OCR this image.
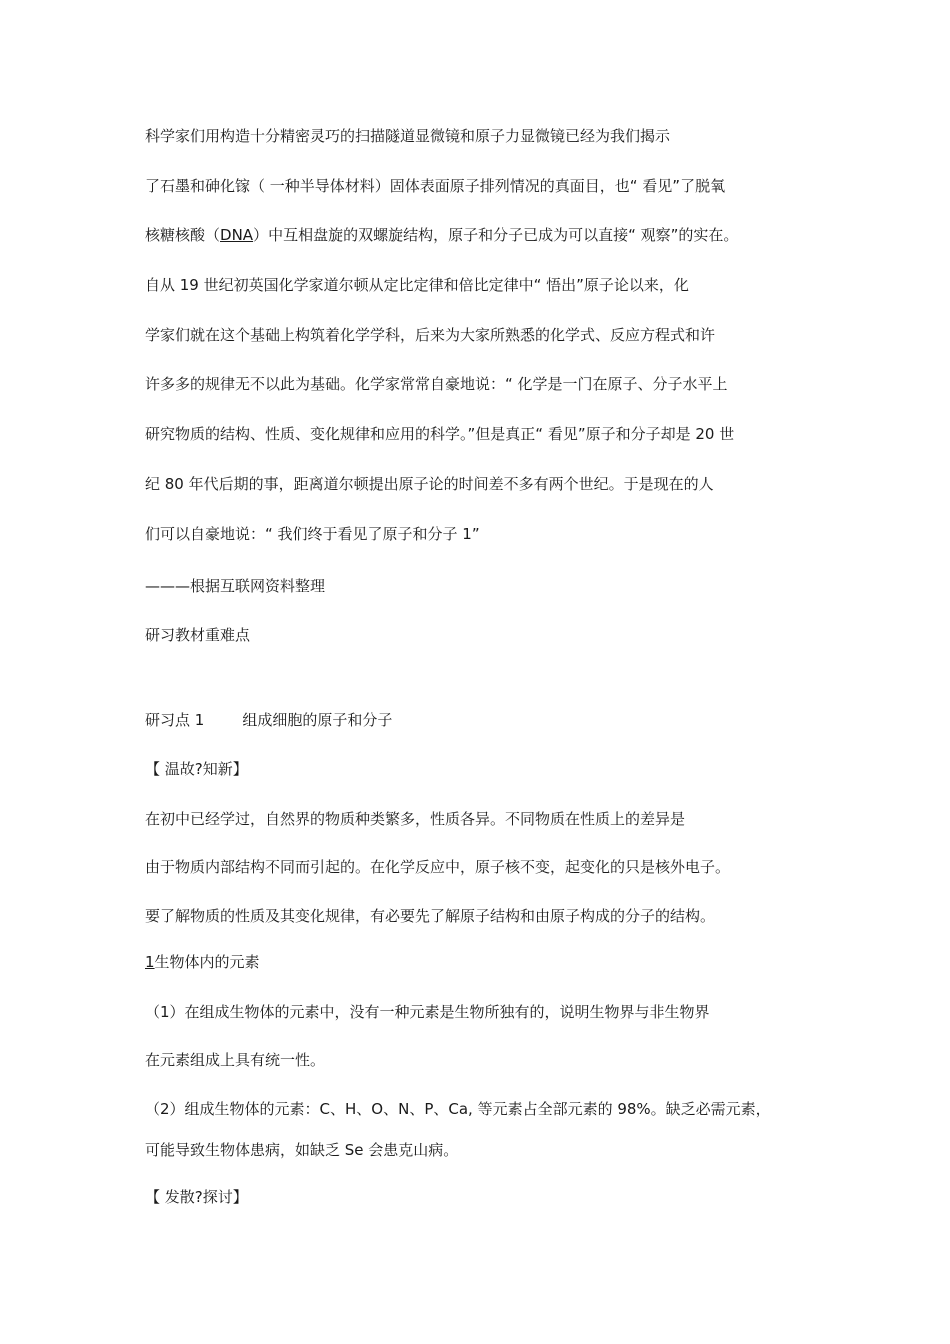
科学家们用构造十分精密灵巧的扫描隧道显微镜和原子力显微镜已经为我们揭示
了石墨和砷化镓（ 一种半导体材料）固体表面原子排列情况的真面目，也“ 看见”了脱氧
核糖核酸（DNA）中互相盘旋的双螺旋结构，原子和分子已成为可以直接“ 观察”的实在。
自从 19 世纪初英国化学家道尔顿从定比定律和倍比定律中“ 悟出”原子论以来，化
学家们就在这个基础上构筑着化学学科，后来为大家所熟悉的化学式、反应方程式和许
许多多的规律无不以此为基础。化学家常常自豪地说：“ 化学是一门在原子、分子水平上
研究物质的结构、性质、变化规律和应用的科学。”但是真正“ 看见”原子和分子却是 20 世
纪 80 年代后期的事，距离道尔顿提出原子论的时间差不多有两个世纪。于是现在的人
们可以自豪地说：“ 我们终于看见了原子和分子 1”
———根据互联网资料整理
研习教材重难点
研习点 1	组成细胞的原子和分子
【 温故?知新】
在初中已经学过，自然界的物质种类繁多，性质各异。不同物质在性质上的差异是
由于物质内部结构不同而引起的。在化学反应中，原子核不变，起变化的只是核外电子。
要了解物质的性质及其变化规律，有必要先了解原子结构和由原子构成的分子的结构。
1生物体内的元素
（1）在组成生物体的元素中，没有一种元素是生物所独有的，说明生物界与非生物界
在元素组成上具有统一性。
（2）组成生物体的元素：C、H、O、N、P、Ca, 等元素占全部元素的 98%。缺乏必需元素，
可能导致生物体患病，如缺乏 Se 会患克山病。
【 发散?探讨】
